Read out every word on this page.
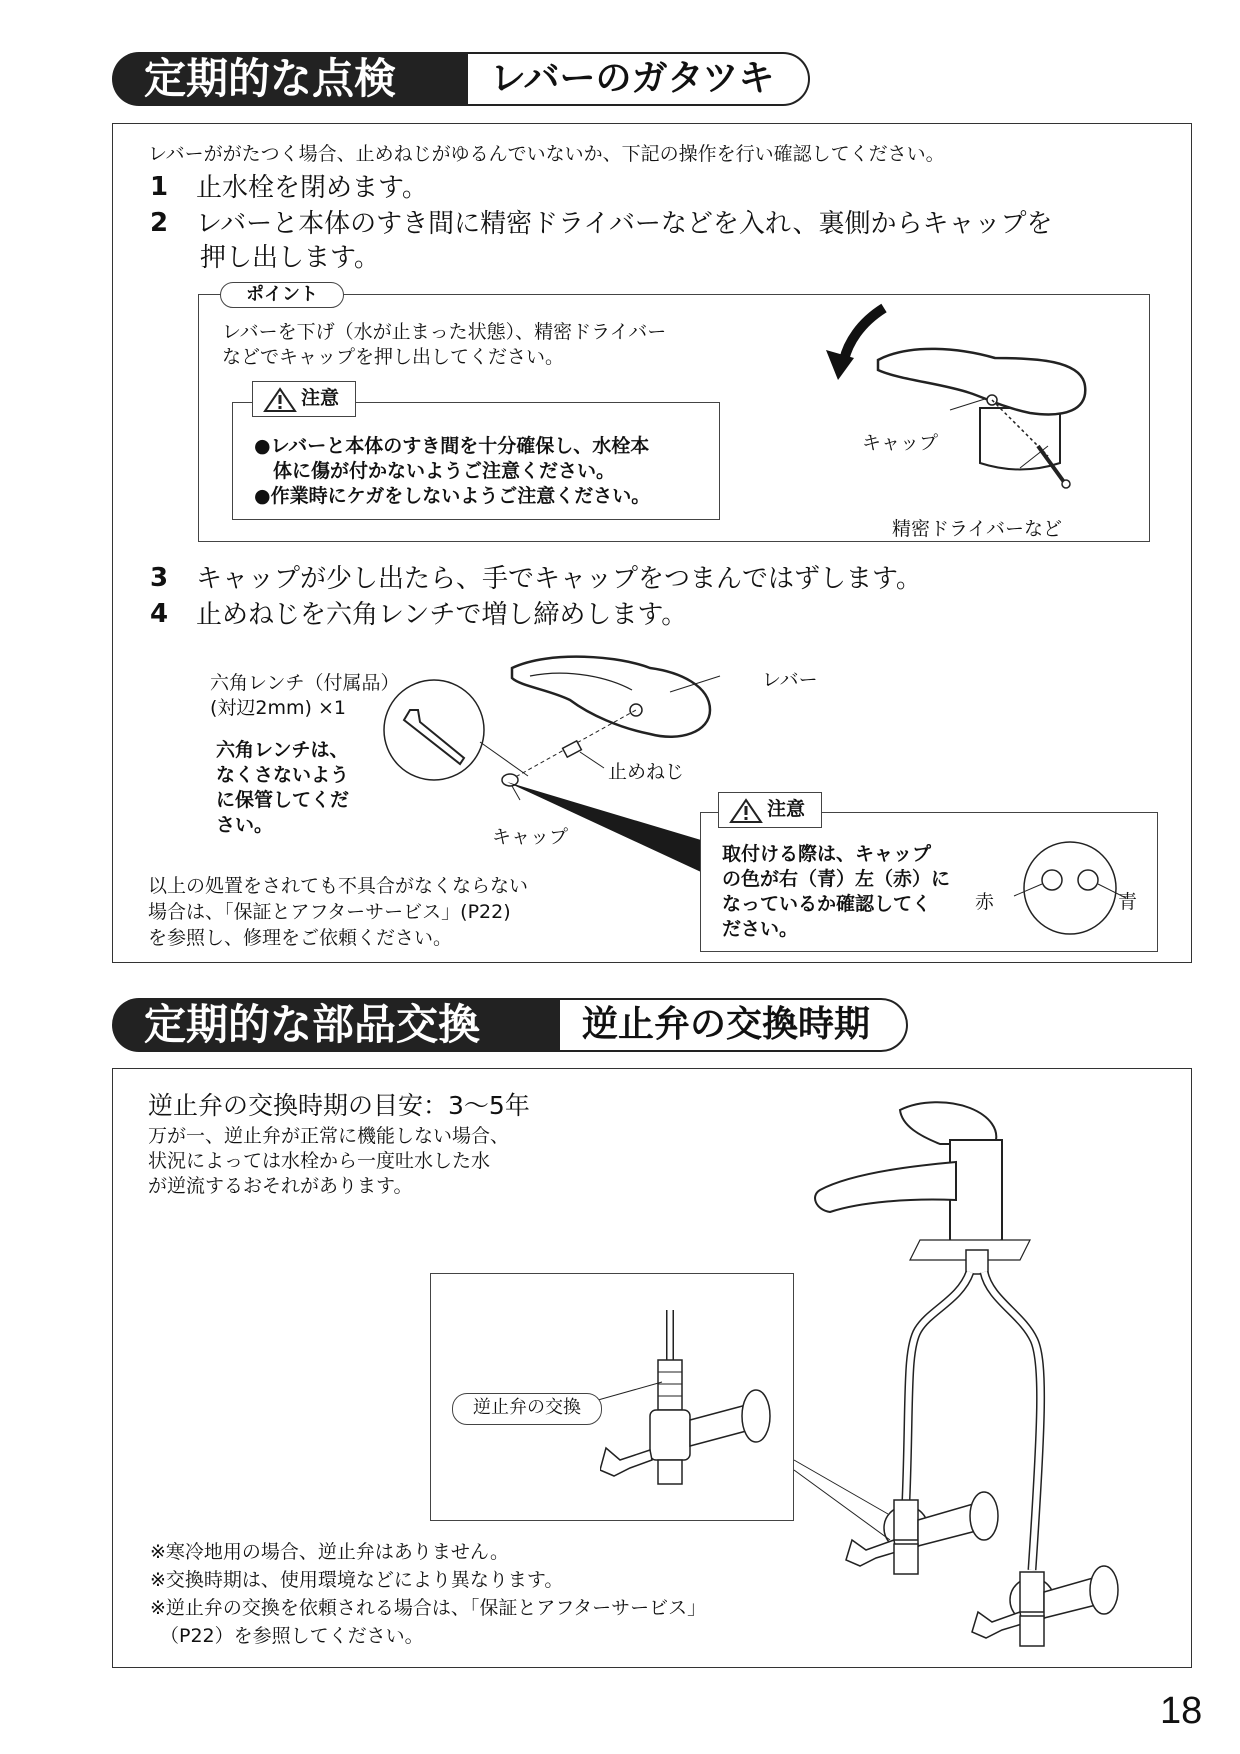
定期的な点検	レバーのガタツキ
レバーががたつく場合、止めねじがゆるんでいないか、下記の操作を行い確認してください。
1 止水栓を閉めます。
2 レバーと本体のすき間に精密ドライバーなどを入れ、裏側からキャップを
押し出します。
ポイント
レバーを下げ（水が止まった状態）、精密ドライバー
などでキャップを押し出してください。
注意
●レバーと本体のすき間を十分確保し、水栓本
　体に傷が付かないようご注意ください。
●作業時にケガをしないようご注意ください。
キャップ
精密ドライバーなど
3 キャップが少し出たら、手でキャップをつまんではずします。
4 止めねじを六角レンチで増し締めします。
六角レンチ（付属品）
(対辺2mm) ×1
六角レンチは、
なくさないよう
に保管してくだ
さい。
レバー
止めねじ
キャップ
注意
取付ける際は、キャップ
の色が右（青）左（赤）に
なっているか確認してく
ださい。
赤	青
以上の処置をされても不具合がなくならない
場合は、「保証とアフターサービス」(P22)
を参照し、修理をご依頼ください。
定期的な部品交換	逆止弁の交換時期
逆止弁の交換時期の目安：3～5年
万が一、逆止弁が正常に機能しない場合、
状況によっては水栓から一度吐水した水
が逆流するおそれがあります。
逆止弁の交換
※寒冷地用の場合、逆止弁はありません。
※交換時期は、使用環境などにより異なります。
※逆止弁の交換を依頼される場合は、「保証とアフターサービス」
（P22）を参照してください。
18
